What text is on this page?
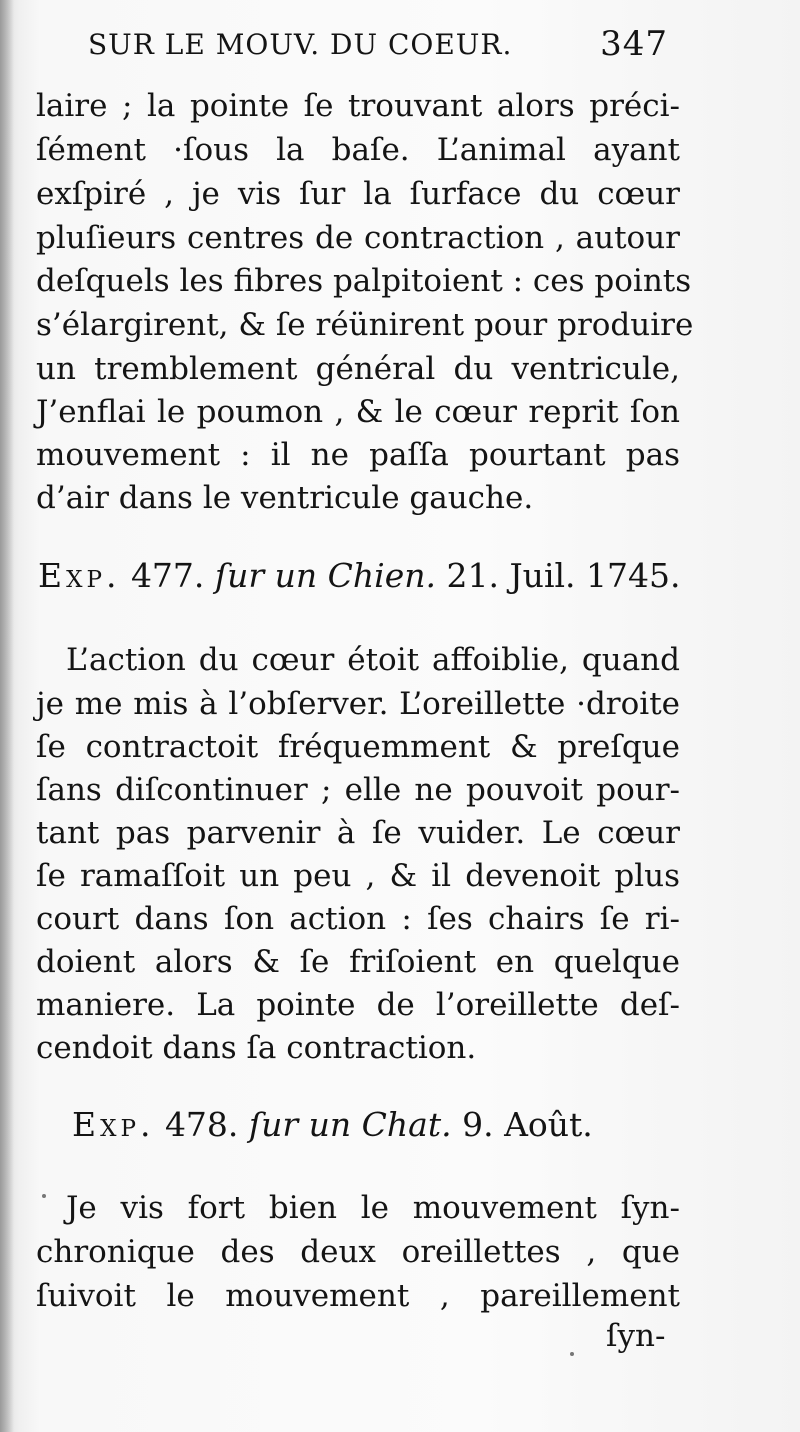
SUR LE MOUV. DU COEUR.	347
laire ; la pointe ſe trouvant alors préci-
ſément ·ſous la baſe. L’animal ayant
exſpiré , je vis ſur la ſurface du cœur
pluſieurs centres de contraction , autour
deſquels les fibres palpitoient : ces points
s’élargirent, & ſe réünirent pour produire
un tremblement général du ventricule,
J’enflai le poumon , & le cœur reprit ſon
mouvement : il ne paſſa pourtant pas
d’air dans le ventricule gauche.
Exp. 477. ſur un Chien. 21. Juil. 1745.
L’action du cœur étoit affoiblie, quand
je me mis à l’obſerver. L’oreillette ·droite
ſe contractoit fréquemment & preſque
ſans diſcontinuer ; elle ne pouvoit pour-
tant pas parvenir à ſe vuider. Le cœur
ſe ramaſſoit un peu , & il devenoit plus
court dans ſon action : ſes chairs ſe ri-
doient alors & ſe friſoient en quelque
maniere. La pointe de l’oreillette deſ-
cendoit dans ſa contraction.
Exp. 478. ſur un Chat. 9. Août.
Je vis fort bien le mouvement ſyn-
chronique des deux oreillettes , que
ſuivoit le mouvement , pareillement
ſyn-
